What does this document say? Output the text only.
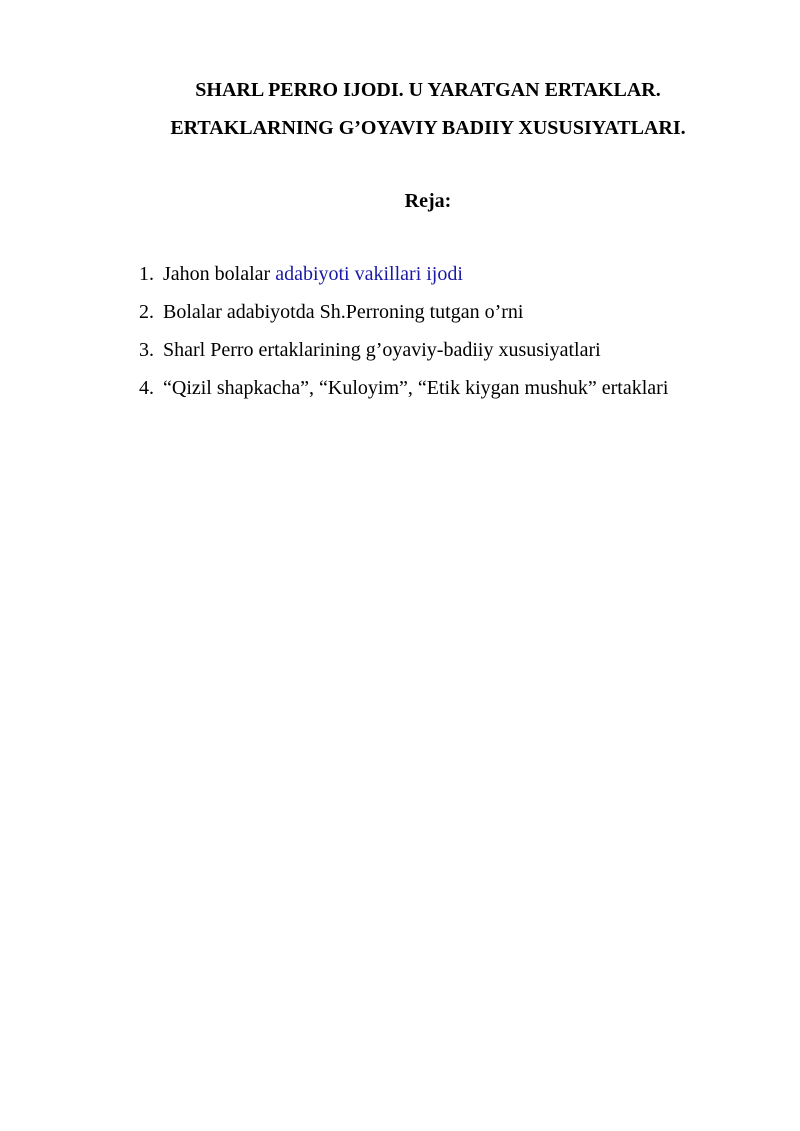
SHARL PERRO IJODI. U YARATGAN ERTAKLAR.
ERTAKLARNING G’OYAVIY BADIIY XUSUSIYATLARI.
Reja:
1. Jahon bolalar adabiyoti vakillari ijodi
2. Bolalar adabiyotda Sh.Perroning tutgan o’rni
3. Sharl Perro ertaklarining g’oyaviy-badiiy xususiyatlari
4. “Qizil shapkacha”, “Kuloyim”, “Etik kiygan mushuk” ertaklari
